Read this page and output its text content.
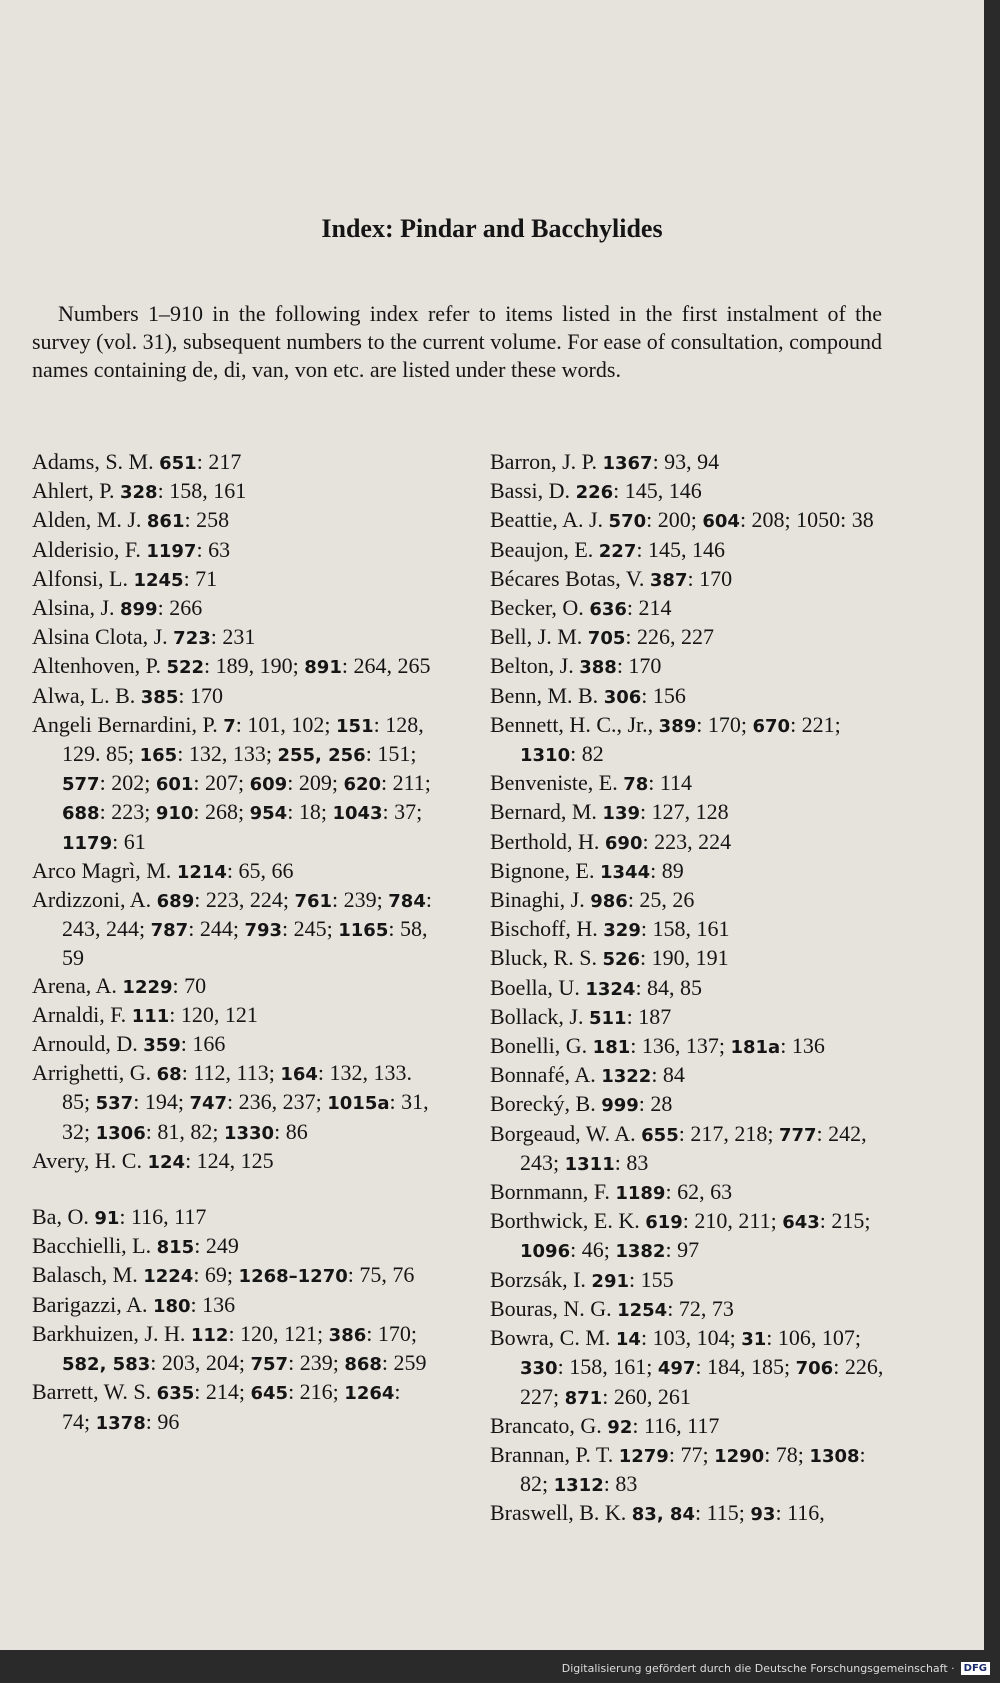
Index: Pindar and Bacchylides
Numbers 1–910 in the following index refer to items listed in the first instalment of the survey (vol. 31), subsequent numbers to the current volume. For ease of consultation, compound names containing de, di, van, von etc. are listed under these words.
Adams, S. M. 651: 217
Ahlert, P. 328: 158, 161
Alden, M. J. 861: 258
Alderisio, F. 1197: 63
Alfonsi, L. 1245: 71
Alsina, J. 899: 266
Alsina Clota, J. 723: 231
Altenhoven, P. 522: 189, 190; 891: 264, 265
Alwa, L. B. 385: 170
Angeli Bernardini, P. 7: 101, 102; 151: 128, 129. 85; 165: 132, 133; 255, 256: 151; 577: 202; 601: 207; 609: 209; 620: 211; 688: 223; 910: 268; 954: 18; 1043: 37; 1179: 61
Arco Magrì, M. 1214: 65, 66
Ardizzoni, A. 689: 223, 224; 761: 239; 784: 243, 244; 787: 244; 793: 245; 1165: 58, 59
Arena, A. 1229: 70
Arnaldi, F. 111: 120, 121
Arnould, D. 359: 166
Arrighetti, G. 68: 112, 113; 164: 132, 133. 85; 537: 194; 747: 236, 237; 1015a: 31, 32; 1306: 81, 82; 1330: 86
Avery, H. C. 124: 124, 125
Ba, O. 91: 116, 117
Bacchielli, L. 815: 249
Balasch, M. 1224: 69; 1268–1270: 75, 76
Barigazzi, A. 180: 136
Barkhuizen, J. H. 112: 120, 121; 386: 170; 582, 583: 203, 204; 757: 239; 868: 259
Barrett, W. S. 635: 214; 645: 216; 1264: 74; 1378: 96
Barron, J. P. 1367: 93, 94
Bassi, D. 226: 145, 146
Beattie, A. J. 570: 200; 604: 208; 1050: 38
Beaujon, E. 227: 145, 146
Bécares Botas, V. 387: 170
Becker, O. 636: 214
Bell, J. M. 705: 226, 227
Belton, J. 388: 170
Benn, M. B. 306: 156
Bennett, H. C., Jr., 389: 170; 670: 221; 1310: 82
Benveniste, E. 78: 114
Bernard, M. 139: 127, 128
Berthold, H. 690: 223, 224
Bignone, E. 1344: 89
Binaghi, J. 986: 25, 26
Bischoff, H. 329: 158, 161
Bluck, R. S. 526: 190, 191
Boella, U. 1324: 84, 85
Bollack, J. 511: 187
Bonelli, G. 181: 136, 137; 181a: 136
Bonnafé, A. 1322: 84
Borecký, B. 999: 28
Borgeaud, W. A. 655: 217, 218; 777: 242, 243; 1311: 83
Bornmann, F. 1189: 62, 63
Borthwick, E. K. 619: 210, 211; 643: 215; 1096: 46; 1382: 97
Borzsák, I. 291: 155
Bouras, N. G. 1254: 72, 73
Bowra, C. M. 14: 103, 104; 31: 106, 107; 330: 158, 161; 497: 184, 185; 706: 226, 227; 871: 260, 261
Brancato, G. 92: 116, 117
Brannan, P. T. 1279: 77; 1290: 78; 1308: 82; 1312: 83
Braswell, B. K. 83, 84: 115; 93: 116,
Digitalisierung gefördert durch die Deutsche Forschungsgemeinschaft · DFG
